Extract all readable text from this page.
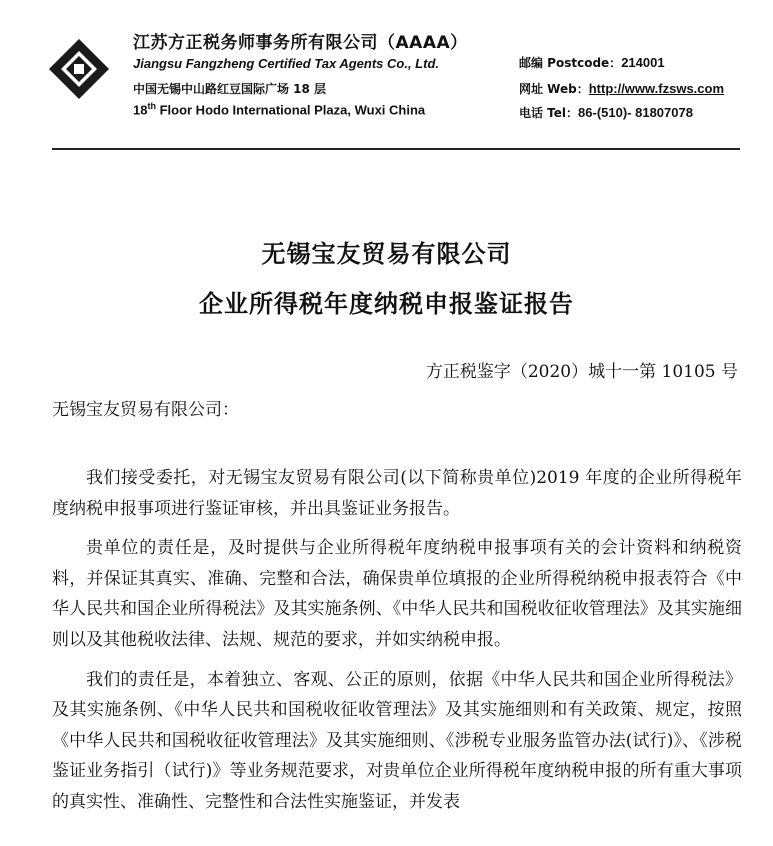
江苏方正税务师事务所有限公司（AAAA）
Jiangsu Fangzheng Certified Tax Agents Co., Ltd.
中国无锡中山路红豆国际广场 18 层
18th Floor Hodo International Plaza, Wuxi China
邮编 Postcode：214001
网址 Web：http://www.fzsws.com
电话 Tel：86-(510)- 81807078
无锡宝友贸易有限公司
企业所得税年度纳税申报鉴证报告
方正税鉴字（2020）城十一第 10105 号
无锡宝友贸易有限公司：

我们接受委托，对无锡宝友贸易有限公司(以下简称贵单位)2019 年度的企业所得税年度纳税申报事项进行鉴证审核，并出具鉴证业务报告。

贵单位的责任是，及时提供与企业所得税年度纳税申报事项有关的会计资料和纳税资料，并保证其真实、准确、完整和合法，确保贵单位填报的企业所得税纳税申报表符合《中华人民共和国企业所得税法》及其实施条例、《中华人民共和国税收征收管理法》及其实施细则以及其他税收法律、法规、规范的要求，并如实纳税申报。

我们的责任是，本着独立、客观、公正的原则，依据《中华人民共和国企业所得税法》及其实施条例、《中华人民共和国税收征收管理法》及其实施细则和有关政策、规定，按照《中华人民共和国税收征收管理法》及其实施细则、《涉税专业服务监管办法(试行)》、《涉税鉴证业务指引（试行)》等业务规范要求，对贵单位企业所得税年度纳税申报的所有重大事项的真实性、准确性、完整性和合法性实施鉴证，并发表
